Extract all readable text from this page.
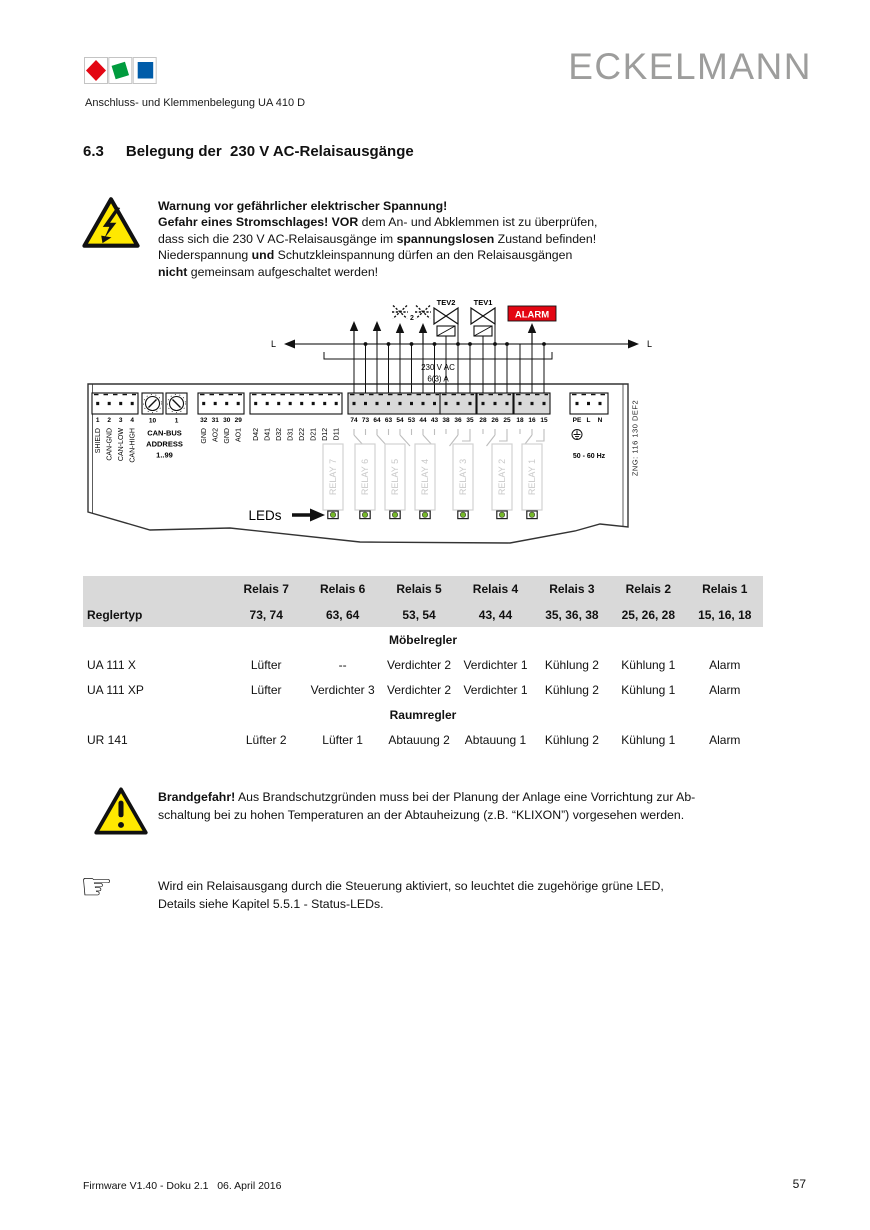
ECKELMANN
Anschluss- und Klemmenbelegung UA 410 D
6.3 Belegung der  230 V AC-Relaisausgänge
Warnung vor gefährlicher elektrischer Spannung!
Gefahr eines Stromschlages! VOR dem An- und Abklemmen ist zu überprüfen,
dass sich die 230 V AC-Relaisausgänge im spannungslosen Zustand befinden!
Niederspannung und Schutzkleinspannung dürfen an den Relaisausgängen
nicht gemeinsam aufgeschaltet werden!
L	L
2
TEV2 TEV1
ALARM
230 V AC
6(3) A
1 2 3 4
SHIELD CAN-GND CAN-LOW CAN-HIGH
10	1
CAN-BUS
ADDRESS
1..99
32 31 30 29
GND AO2 GND AO1 D42 D41 D32 D31 D22 D21 D12 D11
74 73 64 63 54 53 44 43 38 36 35 28 26 25 18 16 15	PE L N
50 - 60 Hz
RELAY 7 RELAY 6 RELAY 5 RELAY 4	RELAY 3	RELAY 2 RELAY 1
LEDs
ZNG: 116 130 DEF2
	Relais 7	Relais 6	Relais 5	Relais 4	Relais 3	Relais 2	Relais 1
Reglertyp	73, 74	63, 64	53, 54	43, 44	35, 36, 38	25, 26, 28	15, 16, 18
Möbelregler							
UA 111 X	Lüfter	--	Verdichter 2	Verdichter 1	Kühlung 2	Kühlung 1	Alarm
UA 111 XP	Lüfter	Verdichter 3	Verdichter 2	Verdichter 1	Kühlung 2	Kühlung 1	Alarm
Raumregler							
UR 141	Lüfter 2	Lüfter 1	Abtauung 2	Abtauung 1	Kühlung 2	Kühlung 1	Alarm
Brandgefahr! Aus Brandschutzgründen muss bei der Planung der Anlage eine Vorrichtung zur Ab-
schaltung bei zu hohen Temperaturen an der Abtauheizung (z.B. “KLIXON”) vorgesehen werden.
☞	Wird ein Relaisausgang durch die Steuerung aktiviert, so leuchtet die zugehörige grüne LED,
Details siehe Kapitel 5.5.1 - Status-LEDs.
Firmware V1.40 - Doku 2.1   06. April 2016	57
